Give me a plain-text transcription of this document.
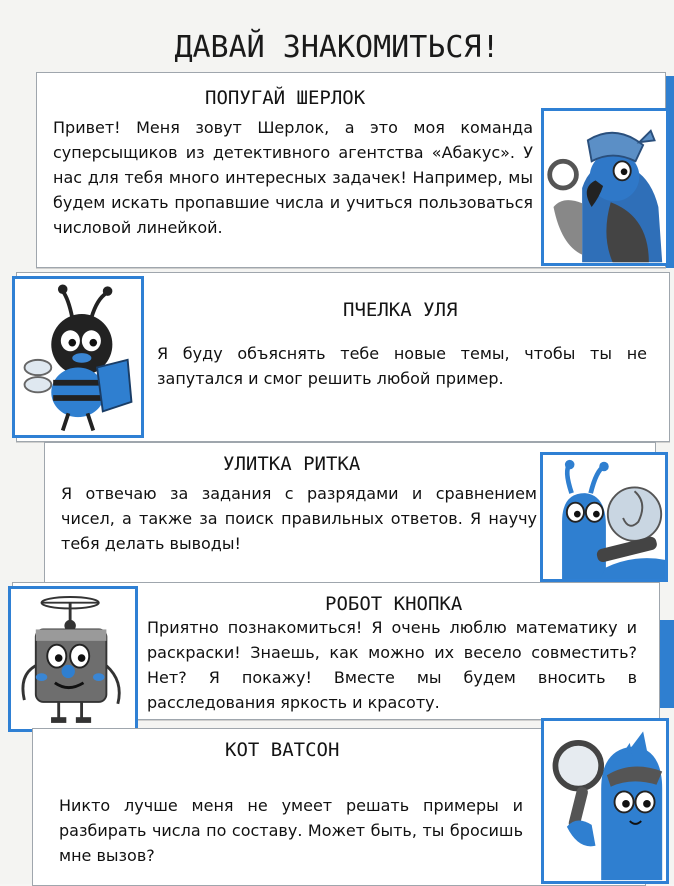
ДАВАЙ ЗНАКОМИТЬСЯ!
ПОПУГАЙ ШЕРЛОК
Привет! Меня зовут Шерлок, а это моя команда суперсыщиков из детективного агентства «Абакус». У нас для тебя много интересных задачек! Например, мы будем искать пропавшие числа и учиться пользоваться числовой линейкой.
ПЧЕЛКА УЛЯ
Я буду объяснять тебе новые темы, чтобы ты не запутался и смог решить любой пример.
УЛИТКА РИТКА
Я отвечаю за задания с разрядами и сравнением чисел, а также за поиск правильных ответов. Я научу тебя делать выводы!
РОБОТ КНОПКА
Приятно познакомиться! Я очень люблю математику и раскраски! Знаешь, как можно их весело совместить? Нет? Я покажу! Вместе мы будем вносить в расследования яркость и красоту.
КОТ ВАТСОН
Никто лучше меня не умеет решать примеры и разбирать числа по составу. Может быть, ты бросишь мне вызов?
